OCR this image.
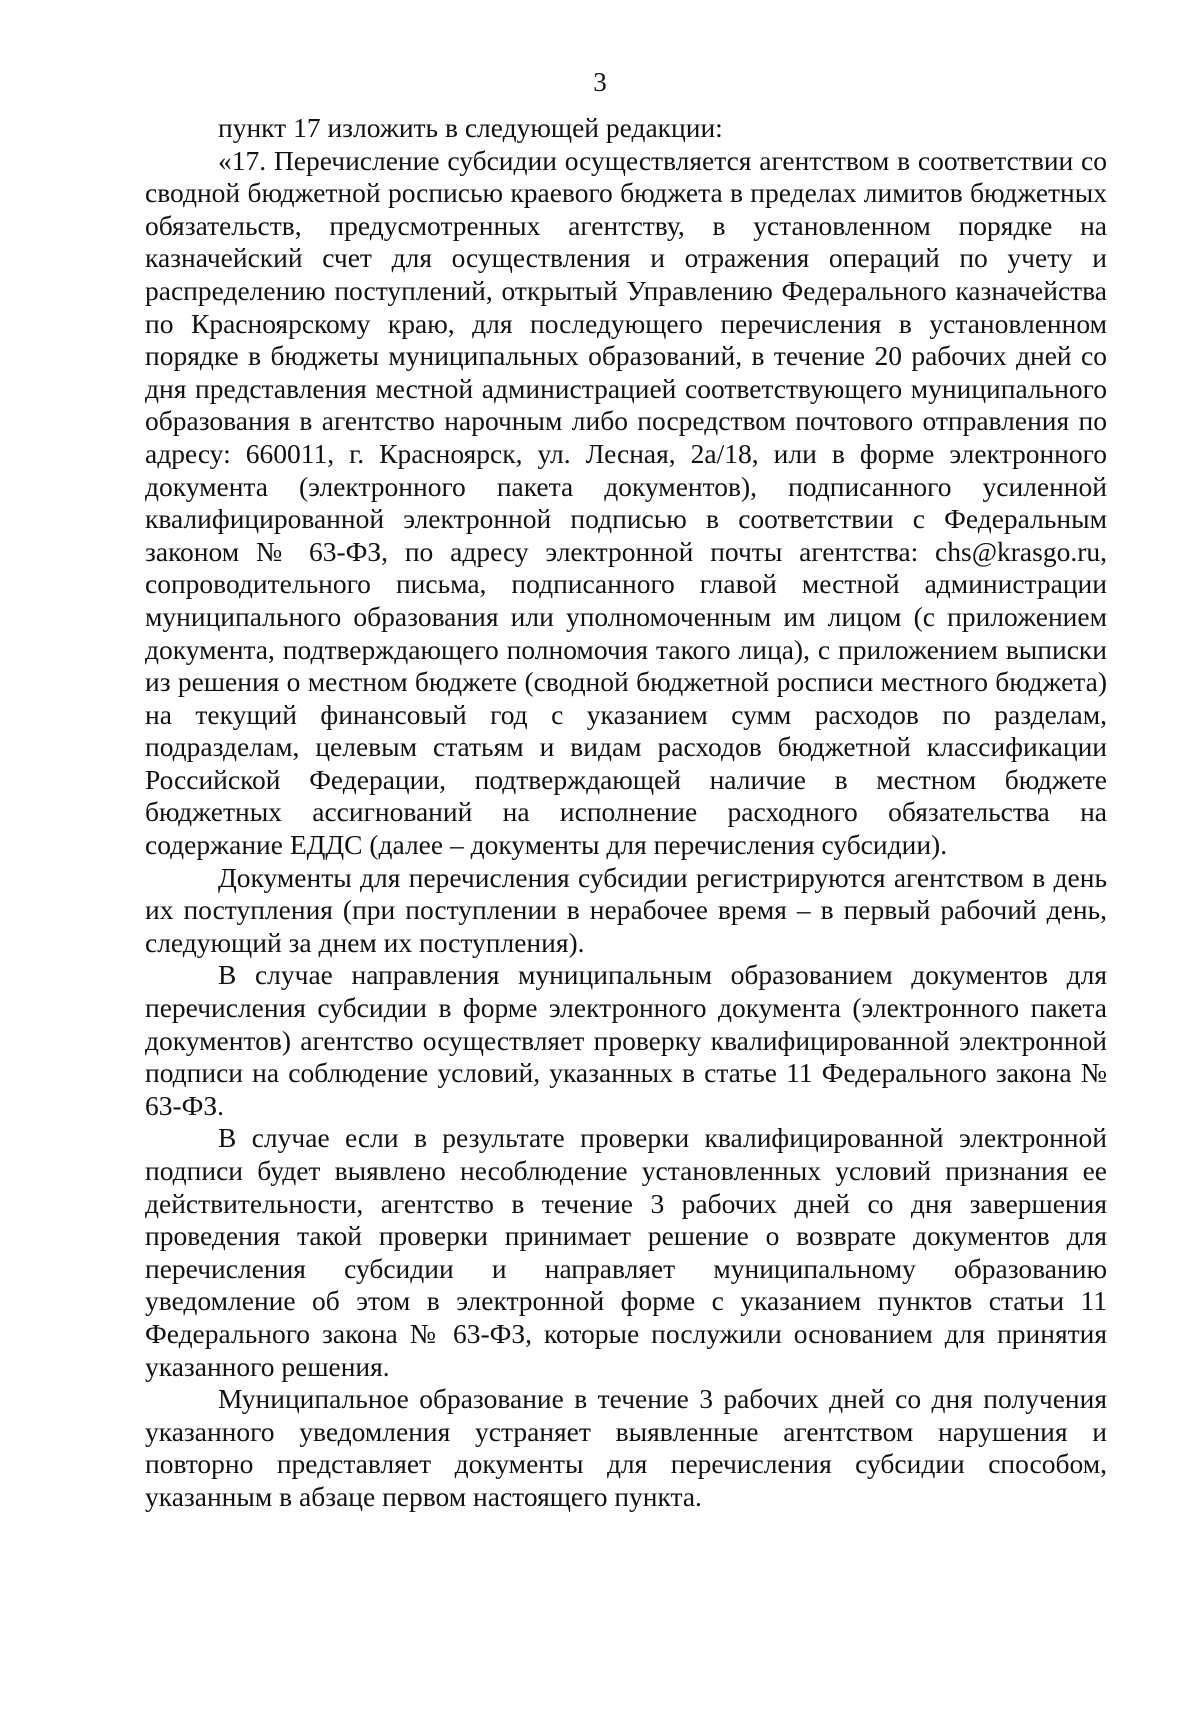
3

пункт 17 изложить в следующей редакции:

«17. Перечисление субсидии осуществляется агентством в соответствии со сводной бюджетной росписью краевого бюджета в пределах лимитов бюджетных обязательств, предусмотренных агентству, в установленном порядке на казначейский счет для осуществления и отражения операций по учету и распределению поступлений, открытый Управлению Федерального казначейства по Красноярскому краю, для последующего перечисления в установленном порядке в бюджеты муниципальных образований, в течение 20 рабочих дней со дня представления местной администрацией соответствующего муниципального образования в агентство нарочным либо посредством почтового отправления по адресу: 660011, г. Красноярск, ул. Лесная, 2а/18, или в форме электронного документа (электронного пакета документов), подписанного усиленной квалифицированной электронной подписью в соответствии с Федеральным законом № 63-ФЗ, по адресу электронной почты агентства: chs@krasgo.ru, сопроводительного письма, подписанного главой местной администрации муниципального образования или уполномоченным им лицом (с приложением документа, подтверждающего полномочия такого лица), с приложением выписки из решения о местном бюджете (сводной бюджетной росписи местного бюджета) на текущий финансовый год с указанием сумм расходов по разделам, подразделам, целевым статьям и видам расходов бюджетной классификации Российской Федерации, подтверждающей наличие в местном бюджете бюджетных ассигнований на исполнение расходного обязательства на содержание ЕДДС (далее – документы для перечисления субсидии).

Документы для перечисления субсидии регистрируются агентством в день их поступления (при поступлении в нерабочее время – в первый рабочий день, следующий за днем их поступления).

В случае направления муниципальным образованием документов для перечисления субсидии в форме электронного документа (электронного пакета документов) агентство осуществляет проверку квалифицированной электронной подписи на соблюдение условий, указанных в статье 11 Федерального закона № 63-ФЗ.

В случае если в результате проверки квалифицированной электронной подписи будет выявлено несоблюдение установленных условий признания ее действительности, агентство в течение 3 рабочих дней со дня завершения проведения такой проверки принимает решение о возврате документов для перечисления субсидии и направляет муниципальному образованию уведомление об этом в электронной форме с указанием пунктов статьи 11 Федерального закона № 63-ФЗ, которые послужили основанием для принятия указанного решения.

Муниципальное образование в течение 3 рабочих дней со дня получения указанного уведомления устраняет выявленные агентством нарушения и повторно представляет документы для перечисления субсидии способом, указанным в абзаце первом настоящего пункта.
